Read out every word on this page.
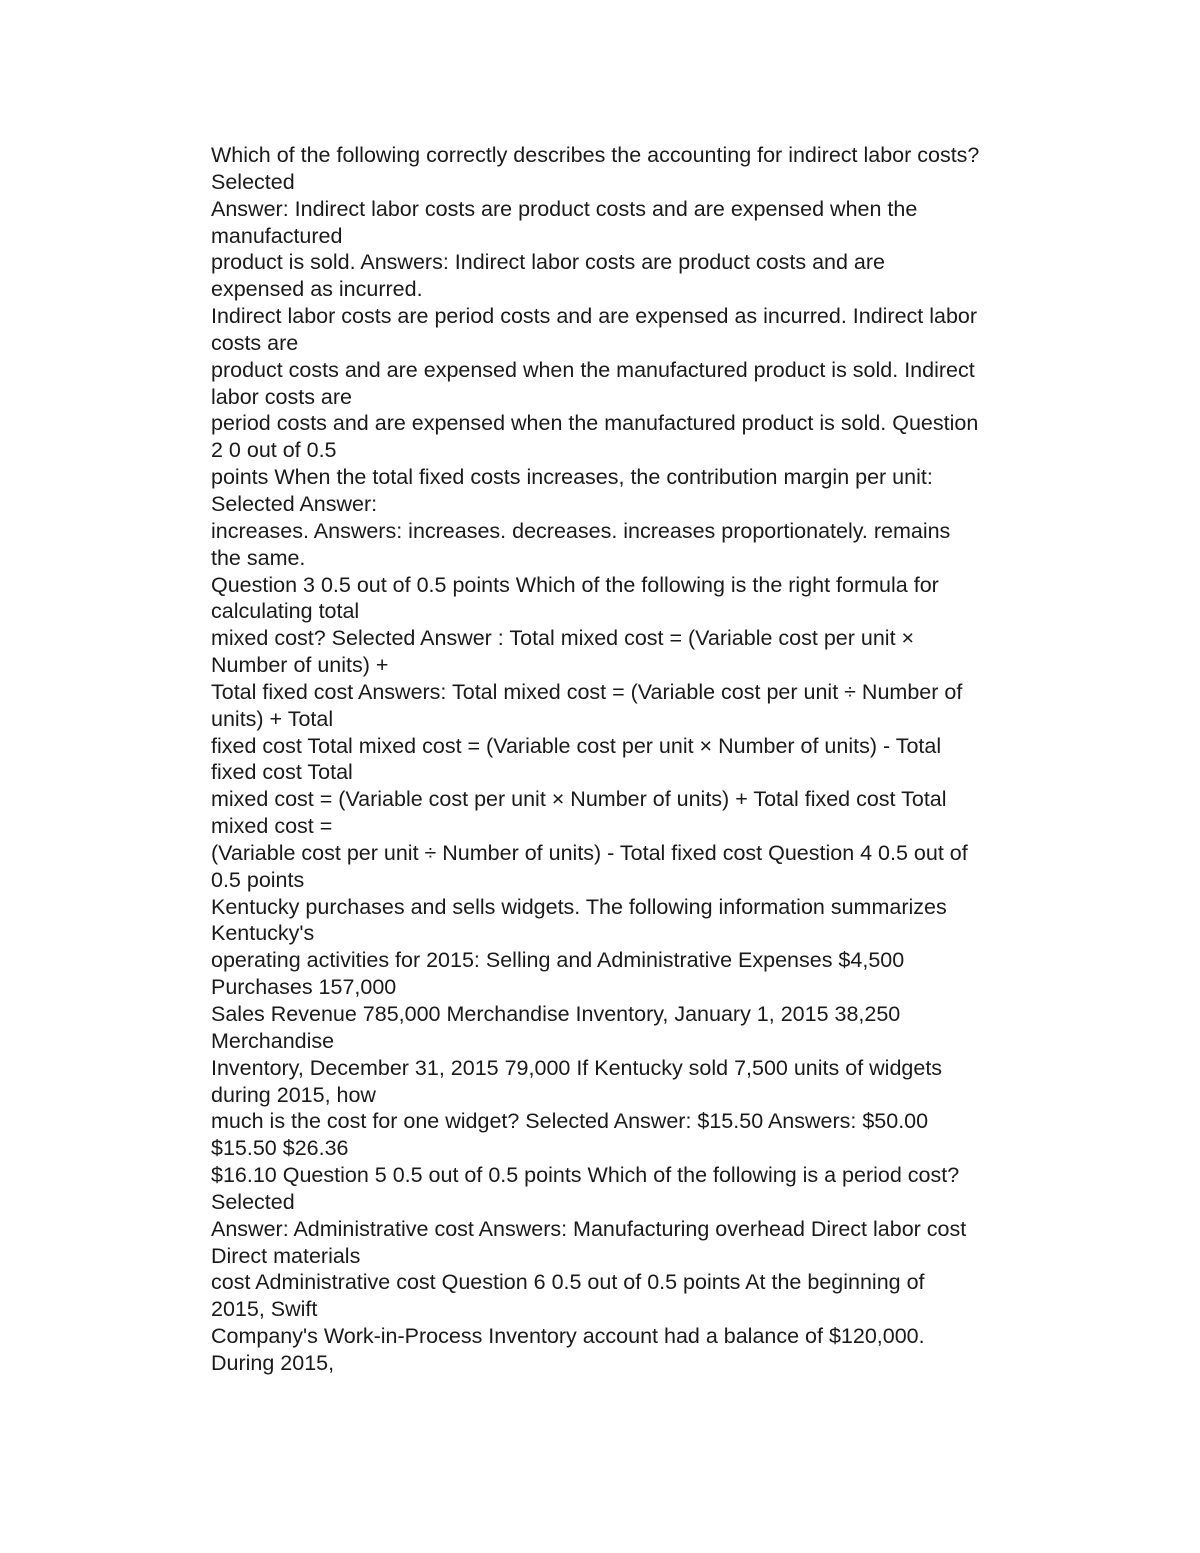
Which of the following correctly describes the accounting for indirect labor costs?
Selected
Answer: Indirect labor costs are product costs and are expensed when the
manufactured
product is sold. Answers: Indirect labor costs are product costs and are
expensed as incurred.
Indirect labor costs are period costs and are expensed as incurred. Indirect labor
costs are
product costs and are expensed when the manufactured product is sold. Indirect
labor costs are
period costs and are expensed when the manufactured product is sold. Question
2 0 out of 0.5
points When the total fixed costs increases, the contribution margin per unit:
Selected Answer:
increases. Answers: increases. decreases. increases proportionately. remains
the same.
Question 3 0.5 out of 0.5 points Which of the following is the right formula for
calculating total
mixed cost? Selected Answer : Total mixed cost = (Variable cost per unit ×
Number of units) +
Total fixed cost Answers: Total mixed cost = (Variable cost per unit ÷ Number of
units) + Total
fixed cost Total mixed cost = (Variable cost per unit × Number of units) - Total
fixed cost Total
mixed cost = (Variable cost per unit × Number of units) + Total fixed cost Total
mixed cost =
(Variable cost per unit ÷ Number of units) - Total fixed cost Question 4 0.5 out of
0.5 points
Kentucky purchases and sells widgets. The following information summarizes
Kentucky's
operating activities for 2015: Selling and Administrative Expenses $4,500
Purchases 157,000
Sales Revenue 785,000 Merchandise Inventory, January 1, 2015 38,250
Merchandise
Inventory, December 31, 2015 79,000 If Kentucky sold 7,500 units of widgets
during 2015, how
much is the cost for one widget? Selected Answer: $15.50 Answers: $50.00
$15.50 $26.36
$16.10 Question 5 0.5 out of 0.5 points Which of the following is a period cost?
Selected
Answer: Administrative cost Answers: Manufacturing overhead Direct labor cost
Direct materials
cost Administrative cost Question 6 0.5 out of 0.5 points At the beginning of
2015, Swift
Company's Work-in-Process Inventory account had a balance of $120,000.
During 2015,
